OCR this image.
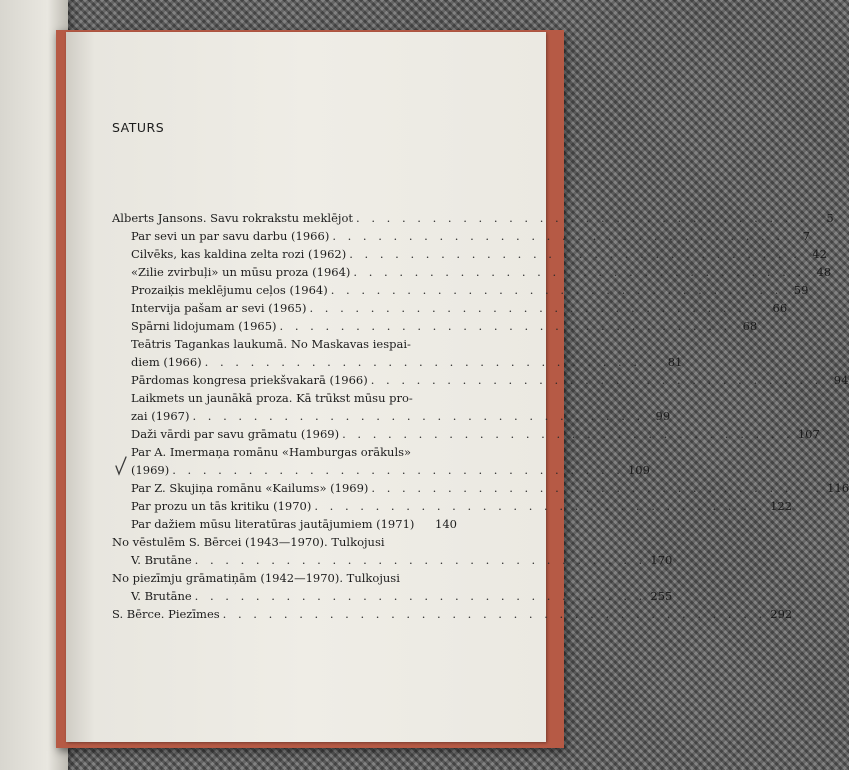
SATURS
Alberts Jansons. Savu rokrakstu meklējot . . . . . . . . . . . . . . . . . . . . . . . . . . . . . .	5
Par sevi un par savu darbu (1966) . . . . . . . . . . . . . . . . . . . . . . . . . . . . . .	7
Cilvēks, kas kaldina zelta rozi (1962) . . . . . . . . . . . . . . . . . . . . . . . . . . . . . . 42
«Zilie zvirbuļi» un mūsu proza (1964) . . . . . . . . . . . . . . . . . . . . . . . . . . . . . . 48
Prozaiķis meklējumu ceļos (1964) . . . . . . . . . . . . . . . . . . . . . . . . . . . . . . 59
Intervija pašam ar sevi (1965) . . . . . . . . . . . . . . . . . . . . . . . . . . . . . . 66
Spārni lidojumam (1965) . . . . . . . . . . . . . . . . . . . . . . . . . . . . . . 68
Teātris Tagankas laukumā. No Maskavas iespai-
diem (1966) . . . . . . . . . . . . . . . . . . . . . . . . . . . . . . 81
Pārdomas kongresa priekšvakarā (1966) . . . . . . . . . . . . . . . . . . . . . . . . . . . . . . 94
Laikmets un jaunākā proza. Kā trūkst mūsu pro-
zai (1967) . . . . . . . . . . . . . . . . . . . . . . . . . . . . . . 99
Daži vārdi par savu grāmatu (1969) . . . . . . . . . . . . . . . . . . . . . . . . . . . . . . 107
Par A. Imermaņa romānu «Hamburgas orākuls»
(1969) . . . . . . . . . . . . . . . . . . . . . . . . . . . . . . 109
Par Z. Skujiņa romānu «Kailums» (1969) . . . . . . . . . . . . . . . . . . . . . . . . . . . . . . 116
Par prozu un tās kritiku (1970) . . . . . . . . . . . . . . . . . . . . . . . . . . . . . . 122
Par dažiem mūsu literatūras jautājumiem (1971)	140
No vēstulēm S. Bērcei (1943—1970). Tulkojusi
V. Brutāne . . . . . . . . . . . . . . . . . . . . . . . . . . . . . . 170
No piezīmju grāmatiņām (1942—1970). Tulkojusi
V. Brutāne . . . . . . . . . . . . . . . . . . . . . . . . . . . . . . 255
S. Bērce. Piezīmes . . . . . . . . . . . . . . . . . . . . . . . . . . . . . . . . . . . . 292
